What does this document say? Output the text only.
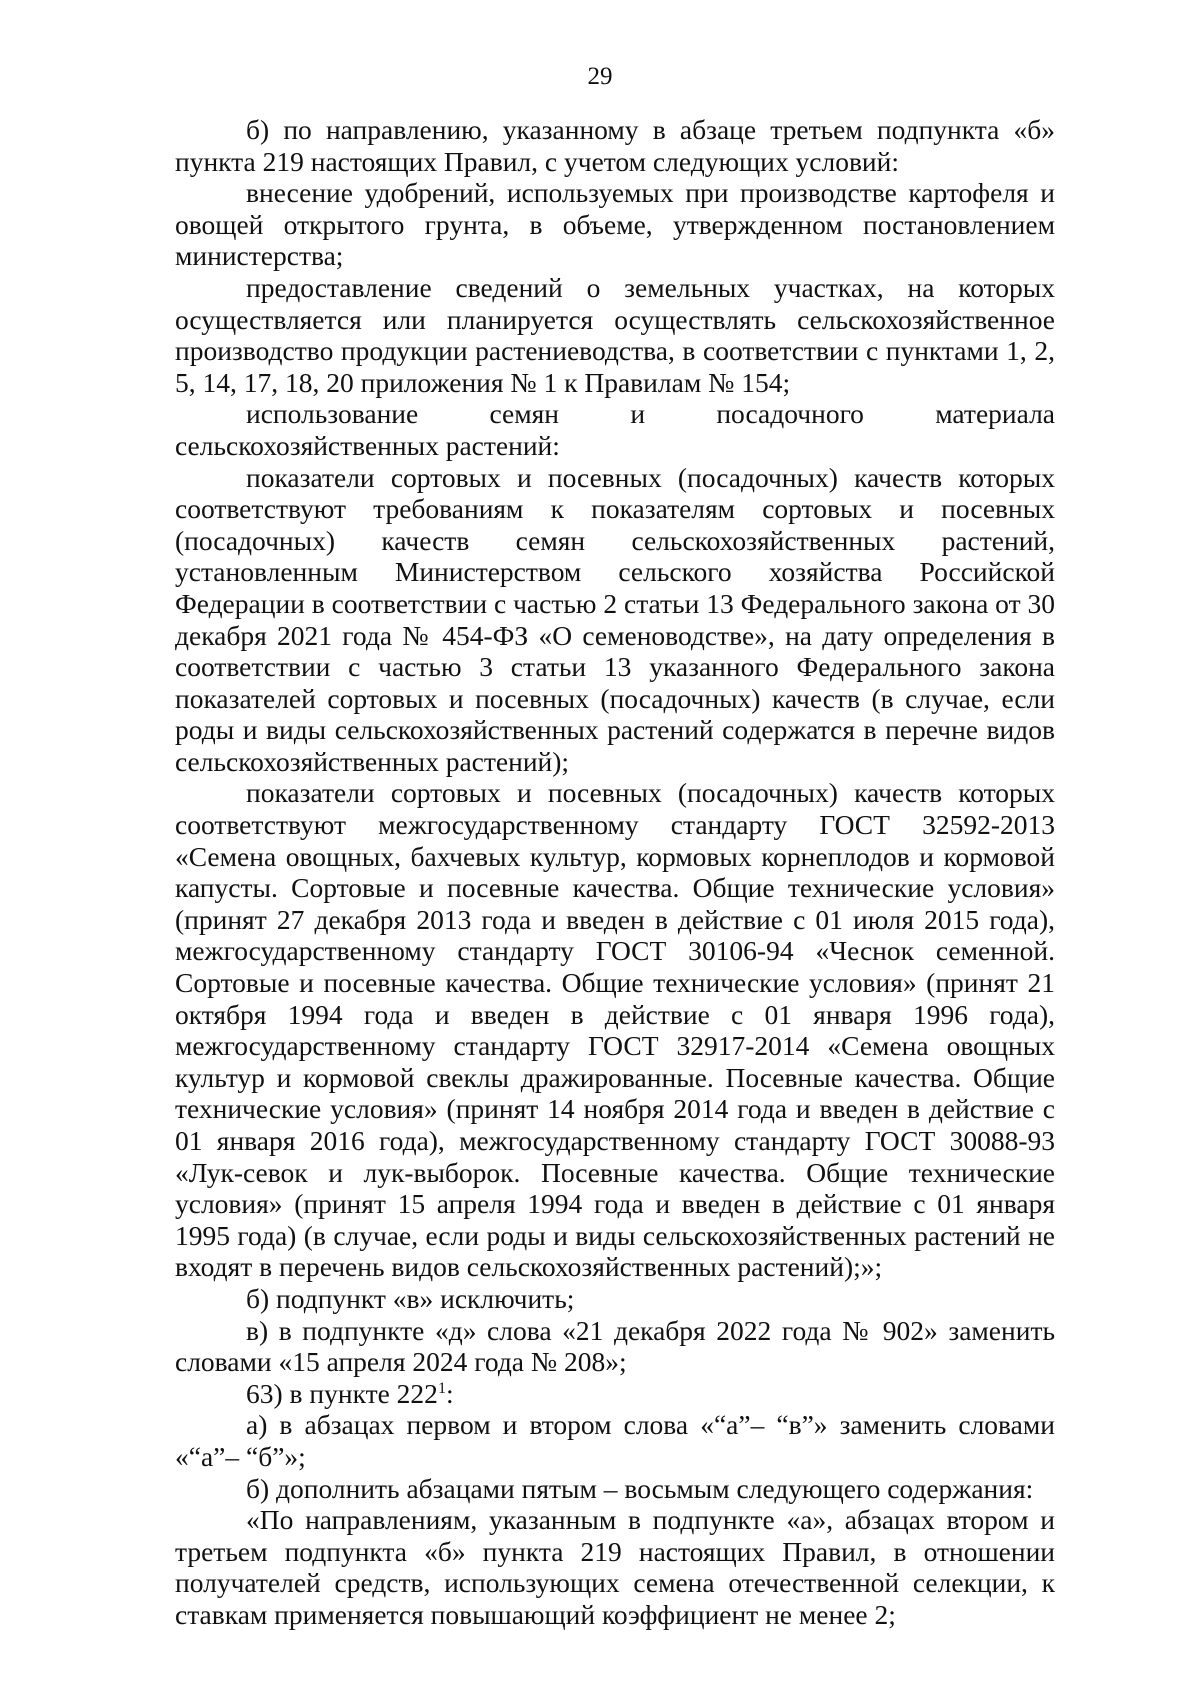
29

б) по направлению, указанному в абзаце третьем подпункта «б» пункта 219 настоящих Правил, с учетом следующих условий:

внесение удобрений, используемых при производстве картофеля и овощей открытого грунта, в объеме, утвержденном постановлением министерства;

предоставление сведений о земельных участках, на которых осуществляется или планируется осуществлять сельскохозяйственное производство продукции растениеводства, в соответствии с пунктами 1, 2, 5, 14, 17, 18, 20 приложения № 1 к Правилам № 154;

использование семян и посадочного материала сельскохозяйственных растений:

показатели сортовых и посевных (посадочных) качеств которых соответствуют требованиям к показателям сортовых и посевных (посадочных) качеств семян сельскохозяйственных растений, установленным Министерством сельского хозяйства Российской Федерации в соответствии с частью 2 статьи 13 Федерального закона от 30 декабря 2021 года № 454-ФЗ «О семеноводстве», на дату определения в соответствии с частью 3 статьи 13 указанного Федерального закона показателей сортовых и посевных (посадочных) качеств (в случае, если роды и виды сельскохозяйственных растений содержатся в перечне видов сельскохозяйственных растений);

показатели сортовых и посевных (посадочных) качеств которых соответствуют межгосударственному стандарту ГОСТ 32592-2013 «Семена овощных, бахчевых культур, кормовых корнеплодов и кормовой капусты. Сортовые и посевные качества. Общие технические условия» (принят 27 декабря 2013 года и введен в действие с 01 июля 2015 года), межгосударственному стандарту ГОСТ 30106-94 «Чеснок семенной. Сортовые и посевные качества. Общие технические условия» (принят 21 октября 1994 года и введен в действие с 01 января 1996 года), межгосударственному стандарту ГОСТ 32917-2014 «Семена овощных культур и кормовой свеклы дражированные. Посевные качества. Общие технические условия» (принят 14 ноября 2014 года и введен в действие с 01 января 2016 года), межгосударственному стандарту ГОСТ 30088-93 «Лук-севок и лук-выборок. Посевные качества. Общие технические условия» (принят 15 апреля 1994 года и введен в действие с 01 января 1995 года) (в случае, если роды и виды сельскохозяйственных растений не входят в перечень видов сельскохозяйственных растений);»;

б) подпункт «в» исключить;

в) в подпункте «д» слова «21 декабря 2022 года № 902» заменить словами «15 апреля 2024 года № 208»;

63) в пункте $222^1$:

а) в абзацах первом и втором слова «“а”– “в”» заменить словами «“а”– “б”»;

б) дополнить абзацами пятым – восьмым следующего содержания:

«По направлениям, указанным в подпункте «а», абзацах втором и третьем подпункта «б» пункта 219 настоящих Правил, в отношении получателей средств, использующих семена отечественной селекции, к ставкам применяется повышающий коэффициент не менее 2;
